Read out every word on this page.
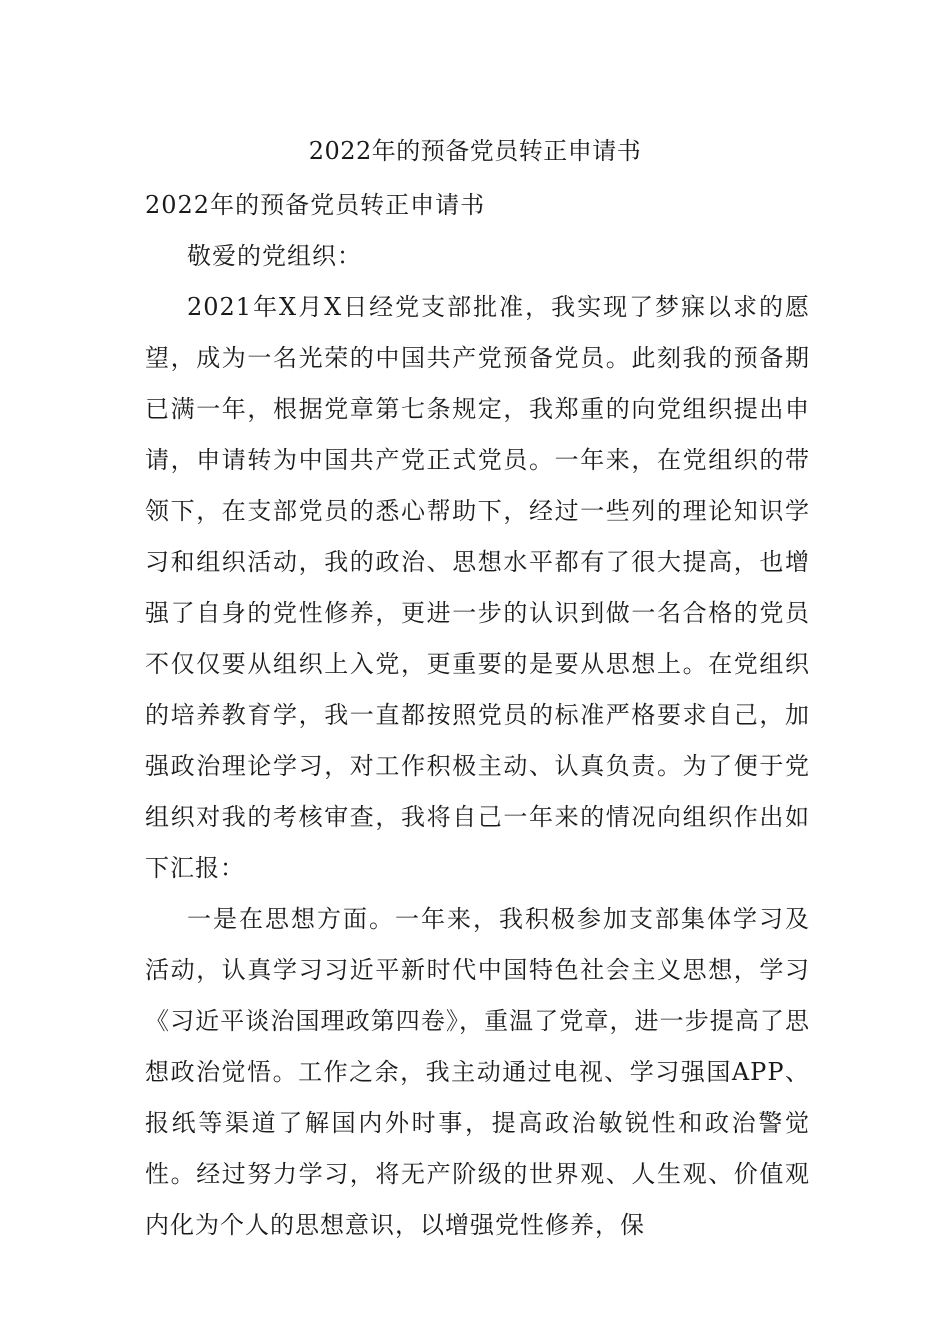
2022年的预备党员转正申请书

2022年的预备党员转正申请书

敬爱的党组织：

2021年X月X日经党支部批准，我实现了梦寐以求的愿望，成为一名光荣的中国共产党预备党员。此刻我的预备期已满一年，根据党章第七条规定，我郑重的向党组织提出申请，申请转为中国共产党正式党员。一年来，在党组织的带领下，在支部党员的悉心帮助下，经过一些列的理论知识学习和组织活动，我的政治、思想水平都有了很大提高，也增强了自身的党性修养，更进一步的认识到做一名合格的党员不仅仅要从组织上入党，更重要的是要从思想上。在党组织的培养教育学，我一直都按照党员的标准严格要求自己，加强政治理论学习，对工作积极主动、认真负责。为了便于党组织对我的考核审查，我将自己一年来的情况向组织作出如下汇报：

一是在思想方面。一年来，我积极参加支部集体学习及活动，认真学习习近平新时代中国特色社会主义思想，学习《习近平谈治国理政第四卷》，重温了党章，进一步提高了思想政治觉悟。工作之余，我主动通过电视、学习强国APP、报纸等渠道了解国内外时事，提高政治敏锐性和政治警觉性。经过努力学习，将无产阶级的世界观、人生观、价值观内化为个人的思想意识，以增强党性修养，保
